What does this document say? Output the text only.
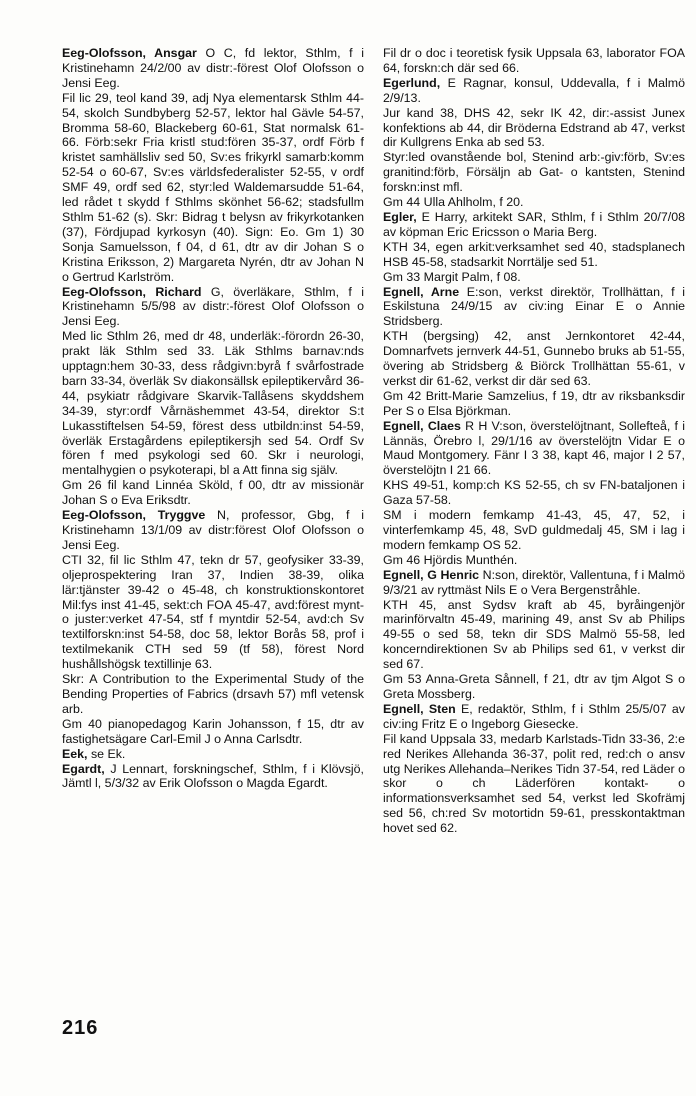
Eeg-Olofsson, Ansgar O C, fd lektor, Sthlm, f i Kristinehamn 24/2/00 av distr:-förest Olof Olofsson o Jensi Eeg.

Fil lic 29, teol kand 39, adj Nya elementarsk Sthlm 44-54, skolch Sundbyberg 52-57, lektor hal Gävle 54-57, Bromma 58-60, Blackeberg 60-61, Stat normalsk 61-66. Förb:sekr Fria kristl stud:fören 35-37, ordf Förb f kristet samhällsliv sed 50, Sv:es frikyrkl samarb:komm 52-54 o 60-67, Sv:es världsfederalister 52-55, v ordf SMF 49, ordf sed 62, styr:led Waldemarsudde 51-64, led rådet t skydd f Sthlms skönhet 56-62; stadsfullm Sthlm 51-62 (s). Skr: Bidrag t belysn av frikyrkotanken (37), Fördjupad kyrkosyn (40). Sign: Eo. Gm 1) 30 Sonja Samuelsson, f 04, d 61, dtr av dir Johan S o Kristina Eriksson, 2) Margareta Nyrén, dtr av Johan N o Gertrud Karlström.

Eeg-Olofsson, Richard G, överläkare, Sthlm, f i Kristinehamn 5/5/98 av distr:-förest Olof Olofsson o Jensi Eeg.

Med lic Sthlm 26, med dr 48, underläk:-förordn 26-30, prakt läk Sthlm sed 33. Läk Sthlms barnav:nds upptagn:hem 30-33, dess rådgivn:byrå f svårfostrade barn 33-34, överläk Sv diakonsällsk epileptikervård 36-44, psykiatr rådgivare Skarvik-Tallåsens skyddshem 34-39, styr:ordf Vårnäshemmet 43-54, direktor S:t Lukasstiftelsen 54-59, förest dess utbildn:inst 54-59, överläk Erstagårdens epileptikersjh sed 54. Ordf Sv fören f med psykologi sed 60. Skr i neurologi, mentalhygien o psykoterapi, bl a Att finna sig själv.

Gm 26 fil kand Linnéa Sköld, f 00, dtr av missionär Johan S o Eva Eriksdtr.

Eeg-Olofsson, Tryggve N, professor, Gbg, f i Kristinehamn 13/1/09 av distr:förest Olof Olofsson o Jensi Eeg.

CTI 32, fil lic Sthlm 47, tekn dr 57, geofysiker 33-39, oljeprospektering Iran 37, Indien 38-39, olika lär:tjänster 39-42 o 45-48, ch konstruktionskontoret Mil:fys inst 41-45, sekt:ch FOA 45-47, avd:förest mynt- o juster:verket 47-54, stf f myntdir 52-54, avd:ch Sv textilforskn:inst 54-58, doc 58, lektor Borås 58, prof i textilmekanik CTH sed 59 (tf 58), förest Nord hushållshögsk textillinje 63.

Skr: A Contribution to the Experimental Study of the Bending Properties of Fabrics (drsavh 57) mfl vetensk arb.

Gm 40 pianopedagog Karin Johansson, f 15, dtr av fastighetsägare Carl-Emil J o Anna Carlsdtr.

Eek, se Ek.

Egardt, J Lennart, forskningschef, Sthlm, f i Klövsjö, Jämtl l, 5/3/32 av Erik Olofsson o Magda Egardt.

Fil dr o doc i teoretisk fysik Uppsala 63, laborator FOA 64, forskn:ch där sed 66.

Egerlund, E Ragnar, konsul, Uddevalla, f i Malmö 2/9/13.

Jur kand 38, DHS 42, sekr IK 42, dir:-assist Junex konfektions ab 44, dir Bröderna Edstrand ab 47, verkst dir Kullgrens Enka ab sed 53.

Styr:led ovanstående bol, Stenind arb:-giv:förb, Sv:es granitind:förb, Försäljn ab Gat- o kantsten, Stenind forskn:inst mfl.

Gm 44 Ulla Ahlholm, f 20.

Egler, E Harry, arkitekt SAR, Sthlm, f i Sthlm 20/7/08 av köpman Eric Ericsson o Maria Berg.

KTH 34, egen arkit:verksamhet sed 40, stadsplanech HSB 45-58, stadsarkit Norrtälje sed 51.

Gm 33 Margit Palm, f 08.

Egnell, Arne E:son, verkst direktör, Trollhättan, f i Eskilstuna 24/9/15 av civ:ing Einar E o Annie Stridsberg.

KTH (bergsing) 42, anst Jernkontoret 42-44, Domnarfvets jernverk 44-51, Gunnebo bruks ab 51-55, övering ab Stridsberg & Biörck Trollhättan 55-61, v verkst dir 61-62, verkst dir där sed 63.

Gm 42 Britt-Marie Samzelius, f 19, dtr av riksbanksdir Per S o Elsa Björkman.

Egnell, Claes R H V:son, överstelöjtnant, Sollefteå, f i Lännäs, Örebro l, 29/1/16 av överstelöjtn Vidar E o Maud Montgomery. Fänr I 3 38, kapt 46, major I 2 57, överstelöjtn I 21 66.

KHS 49-51, komp:ch KS 52-55, ch sv FN-bataljonen i Gaza 57-58.

SM i modern femkamp 41-43, 45, 47, 52, i vinterfemkamp 45, 48, SvD guldmedalj 45, SM i lag i modern femkamp OS 52.

Gm 46 Hjördis Munthén.

Egnell, G Henric N:son, direktör, Vallentuna, f i Malmö 9/3/21 av ryttmäst Nils E o Vera Bergenstråhle.

KTH 45, anst Sydsv kraft ab 45, byråingenjör marinförvaltn 45-49, marining 49, anst Sv ab Philips 49-55 o sed 58, tekn dir SDS Malmö 55-58, led koncerndirektionen Sv ab Philips sed 61, v verkst dir sed 67.

Gm 53 Anna-Greta Sånnell, f 21, dtr av tjm Algot S o Greta Mossberg.

Egnell, Sten E, redaktör, Sthlm, f i Sthlm 25/5/07 av civ:ing Fritz E o Ingeborg Giesecke.

Fil kand Uppsala 33, medarb Karlstads-Tidn 33-36, 2:e red Nerikes Allehanda 36-37, polit red, red:ch o ansv utg Nerikes Allehanda–Nerikes Tidn 37-54, red Läder o skor o ch Läderfören kontakt- o informationsverksamhet sed 54, verkst led Skofrämj sed 56, ch:red Sv motortidn 59-61, presskontaktman hovet sed 62.

216
